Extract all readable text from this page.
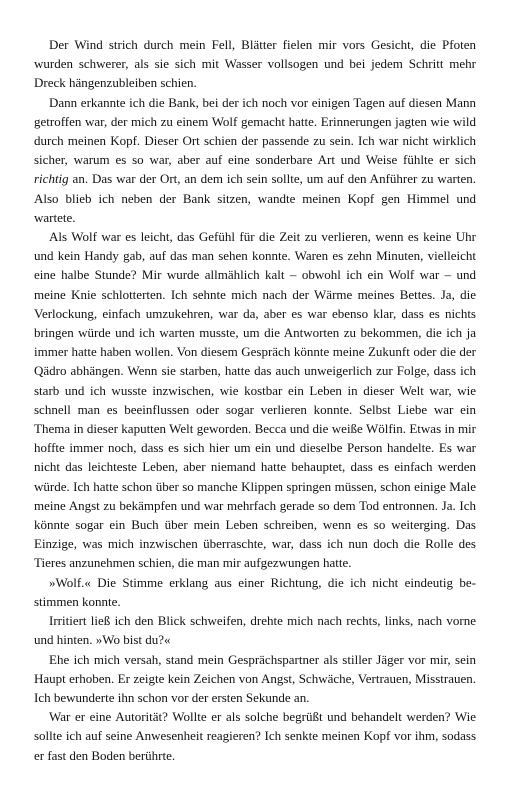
Der Wind strich durch mein Fell, Blätter fielen mir vors Gesicht, die Pfoten wurden schwerer, als sie sich mit Wasser vollsogen und bei jedem Schritt mehr Dreck hängenzubleiben schien.

Dann erkannte ich die Bank, bei der ich noch vor einigen Tagen auf diesen Mann getroffen war, der mich zu einem Wolf gemacht hatte. Erinnerungen jagten wie wild durch meinen Kopf. Dieser Ort schien der passende zu sein. Ich war nicht wirklich sicher, warum es so war, aber auf eine sonderbare Art und Weise fühlte er sich richtig an. Das war der Ort, an dem ich sein sollte, um auf den Anführer zu warten. Also blieb ich neben der Bank sitzen, wandte meinen Kopf gen Himmel und wartete.

Als Wolf war es leicht, das Gefühl für die Zeit zu verlieren, wenn es keine Uhr und kein Handy gab, auf das man sehen konnte. Waren es zehn Minuten, vielleicht eine halbe Stunde? Mir wurde allmählich kalt – obwohl ich ein Wolf war – und meine Knie schlotterten. Ich sehnte mich nach der Wärme meines Bettes. Ja, die Verlockung, einfach umzukehren, war da, aber es war ebenso klar, dass es nichts bringen würde und ich warten musste, um die Antworten zu bekommen, die ich ja immer hatte haben wollen. Von diesem Gespräch könnte meine Zukunft oder die der Qädro abhängen. Wenn sie starben, hatte das auch unweigerlich zur Folge, dass ich starb und ich wusste inzwischen, wie kostbar ein Leben in dieser Welt war, wie schnell man es beeinflussen oder sogar verlieren konnte. Selbst Liebe war ein Thema in dieser kaputten Welt geworden. Becca und die weiße Wölfin. Etwas in mir hoffte immer noch, dass es sich hier um ein und dieselbe Person handelte. Es war nicht das leichteste Leben, aber niemand hatte behauptet, dass es einfach werden würde. Ich hatte schon über so manche Klippen springen müssen, schon einige Male meine Angst zu bekämpfen und war mehrfach gerade so dem Tod entronnen. Ja. Ich könnte sogar ein Buch über mein Leben schreiben, wenn es so weiterging. Das Einzige, was mich inzwischen überraschte, war, dass ich nun doch die Rolle des Tieres anzunehmen schien, die man mir aufgezwungen hatte.

»Wolf.« Die Stimme erklang aus einer Richtung, die ich nicht eindeutig bestimmen konnte.

Irritiert ließ ich den Blick schweifen, drehte mich nach rechts, links, nach vorne und hinten. »Wo bist du?«

Ehe ich mich versah, stand mein Gesprächspartner als stiller Jäger vor mir, sein Haupt erhoben. Er zeigte kein Zeichen von Angst, Schwäche, Vertrauen, Misstrauen. Ich bewunderte ihn schon vor der ersten Sekunde an.

War er eine Autorität? Wollte er als solche begrüßt und behandelt werden? Wie sollte ich auf seine Anwesenheit reagieren? Ich senkte meinen Kopf vor ihm, sodass er fast den Boden berührte.
